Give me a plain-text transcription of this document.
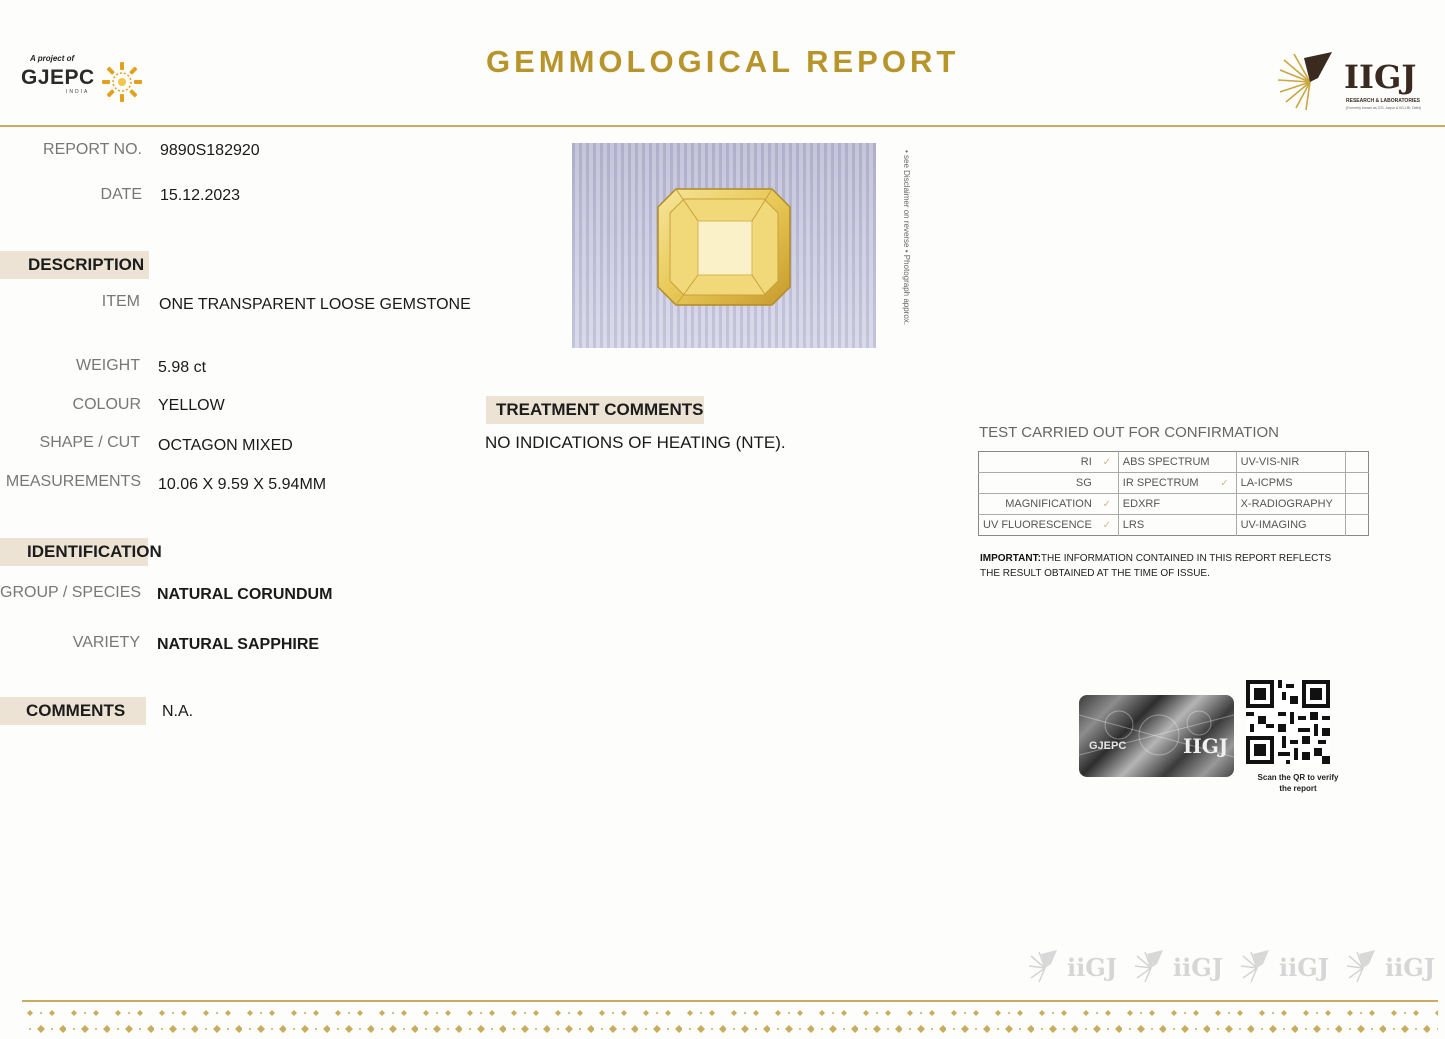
A project of
GJEPC
INDIA
GEMMOLOGICAL REPORT	IIGJ
RESEARCH & LABORATORIES
(Formerly known as GTL Jaipur & IIGJ-RL Delhi)
REPORT NO. 9890S182920
DATE 15.12.2023
DESCRIPTION
ITEM ONE TRANSPARENT LOOSE GEMSTONE
WEIGHT 5.98 ct
COLOUR YELLOW
SHAPE / CUT OCTAGON MIXED
MEASUREMENTS 10.06 X 9.59 X 5.94MM
IDENTIFICATION
GROUP / SPECIES NATURAL CORUNDUM
VARIETY NATURAL SAPPHIRE
COMMENTS	N.A.
• see Disclaimer on reverse • Photograph approx.
TREATMENT COMMENTS
NO INDICATIONS OF HEATING (NTE).
TEST CARRIED OUT FOR CONFIRMATION
RI	✓	ABS SPECTRUM		UV-VIS-NIR	
SG		IR SPECTRUM	✓	LA-ICPMS	
MAGNIFICATION	✓	EDXRF		X-RADIOGRAPHY	
UV FLUORESCENCE	✓	LRS		UV-IMAGING	
IMPORTANT:THE INFORMATION CONTAINED IN THIS REPORT REFLECTS THE RESULT OBTAINED AT THE TIME OF ISSUE.
GJEPC	IIGJ
Scan the QR to verify the report
iiGJ iiGJ iiGJ iiGJ
